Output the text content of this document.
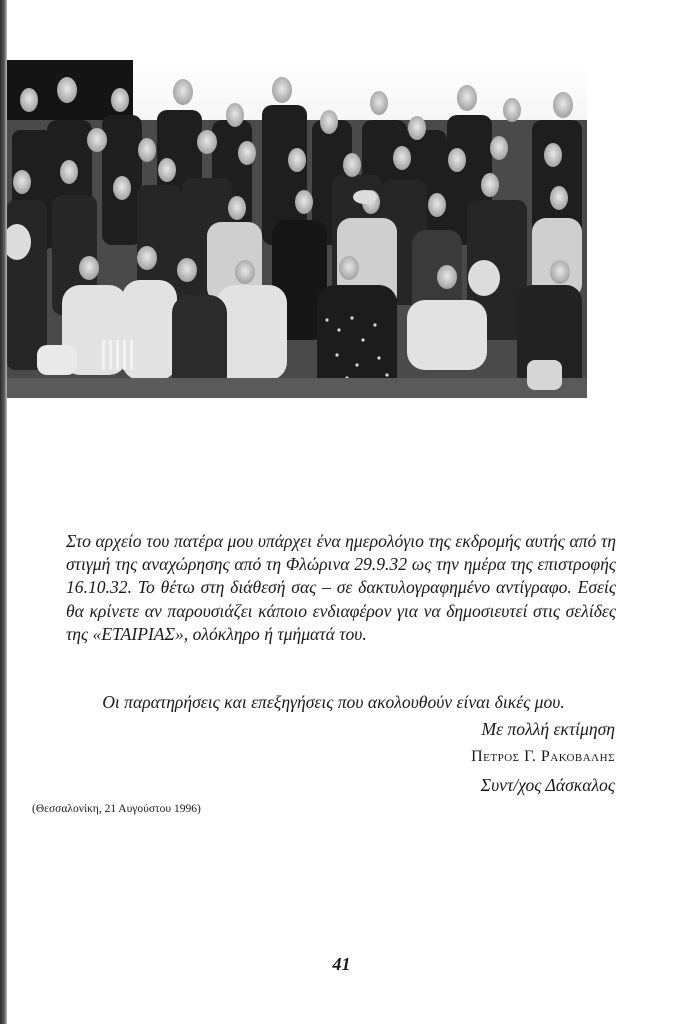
Στο αρχείο του πατέρα μου υπάρχει ένα ημερολόγιο της εκδρομής αυτής από τη στιγμή της αναχώρησης από τη Φλώρινα 29.9.32 ως την ημέρα της επιστροφής 16.10.32. Το θέτω στη διάθεσή σας – σε δακτυλογραφημένο αντίγραφο. Εσείς θα κρίνετε αν παρουσιάζει κάποιο ενδιαφέρον για να δημοσιευτεί στις σελίδες της «ΕΤΑΙΡΙΑΣ», ολόκληρο ή τμήματά του.

Οι παρατηρήσεις και επεξηγήσεις που ακολουθούν είναι δικές μου.

Με πολλή εκτίμηση
Πετρος Γ. Ρακοβαλης
Συντ/χος Δάσκαλος
(Θεσσαλονίκη, 21 Αυγούστου 1996)
41
